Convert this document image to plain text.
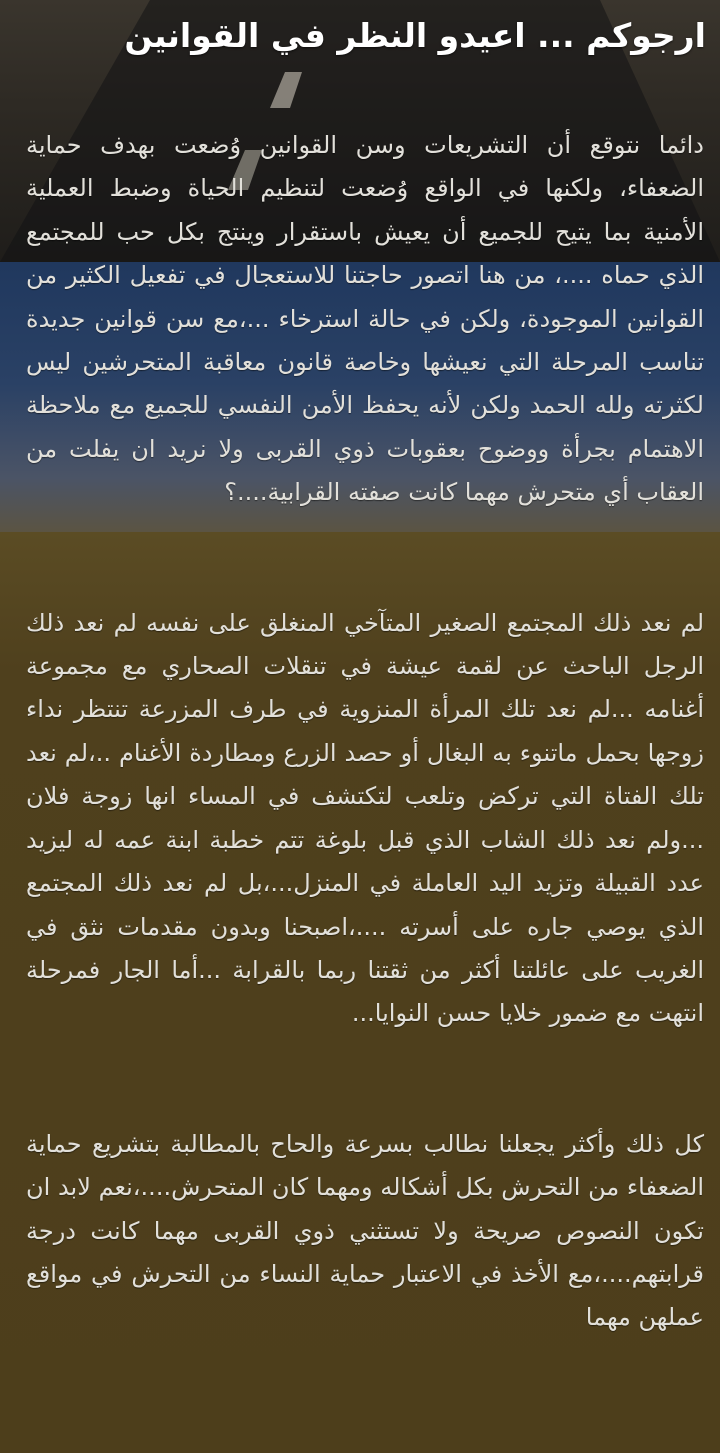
ارجوكم ... اعيدو النظر في القوانين

دائما نتوقع أن التشريعات وسن القوانين وُضعت بهدف حماية الضعفاء، ولكنها في الواقع وُضعت لتنظيم الحياة وضبط العملية الأمنية بما يتيح للجميع أن يعيش باستقرار وينتج بكل حب للمجتمع الذي حماه ....، من هنا اتصور حاجتنا للاستعجال في تفعيل الكثير من القوانين الموجودة، ولكن في حالة استرخاء ...،مع سن قوانين جديدة تناسب المرحلة التي نعيشها وخاصة قانون معاقبة المتحرشين ليس لكثرته ولله الحمد ولكن لأنه يحفظ الأمن النفسي للجميع مع ملاحظة الاهتمام بجرأة ووضوح بعقوبات ذوي القربى ولا نريد ان يفلت من العقاب أي متحرش مهما كانت صفته القرابية....؟

لم نعد ذلك المجتمع الصغير المتآخي المنغلق على نفسه لم نعد ذلك الرجل الباحث عن لقمة عيشة في تنقلات الصحاري مع مجموعة أغنامه ...لم نعد تلك المرأة المنزوية في طرف المزرعة تنتظر نداء زوجها بحمل ماتنوء به البغال أو حصد الزرع ومطاردة الأغنام ..،لم نعد تلك الفتاة التي تركض وتلعب لتكتشف في المساء انها زوجة فلان ...ولم نعد ذلك الشاب الذي قبل بلوغة تتم خطبة ابنة عمه له ليزيد عدد القبيلة وتزيد اليد العاملة في المنزل...،بل لم نعد ذلك المجتمع الذي يوصي جاره على أسرته ....،اصبحنا وبدون مقدمات نثق في الغريب على عائلتنا أكثر من ثقتنا ربما بالقرابة ...أما الجار فمرحلة انتهت مع ضمور خلايا حسن النوايا...

كل ذلك وأكثر يجعلنا نطالب بسرعة والحاح بالمطالبة بتشريع حماية الضعفاء من التحرش بكل أشكاله ومهما كان المتحرش....،نعم لابد ان تكون النصوص صريحة ولا تستثني ذوي القربى مهما كانت درجة قرابتهم....،مع الأخذ في الاعتبار حماية النساء من التحرش في مواقع عملهن مهما
